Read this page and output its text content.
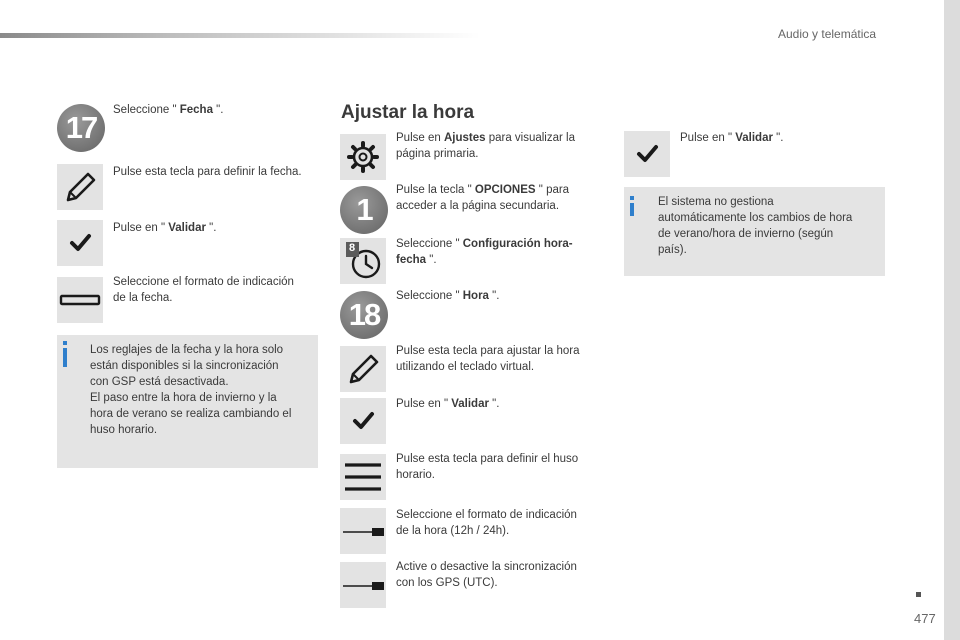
Audio y telemática
17	Seleccione " Fecha ".
Pulse esta tecla para definir la fecha.
Pulse en " Validar ".
Seleccione el formato de indicación
de la fecha.
Los reglajes de la fecha y la hora solo
están disponibles si la sincronización
con GSP está desactivada.
El paso entre la hora de invierno y la
hora de verano se realiza cambiando el
huso horario.
Ajustar la hora
Pulse en Ajustes para visualizar la
página primaria.
1
Pulse la tecla " OPCIONES " para
acceder a la página secundaria.
8	Seleccione " Configuración hora-
fecha ".
18
Seleccione " Hora ".
Pulse esta tecla para ajustar la hora
utilizando el teclado virtual.
Pulse en " Validar ".
Pulse esta tecla para definir el huso
horario.
Seleccione el formato de indicación
de la hora (12h / 24h).
Active o desactive la sincronización
con los GPS (UTC).
Pulse en " Validar ".
El sistema no gestiona
automáticamente los cambios de hora
de verano/hora de invierno (según
país).
477
